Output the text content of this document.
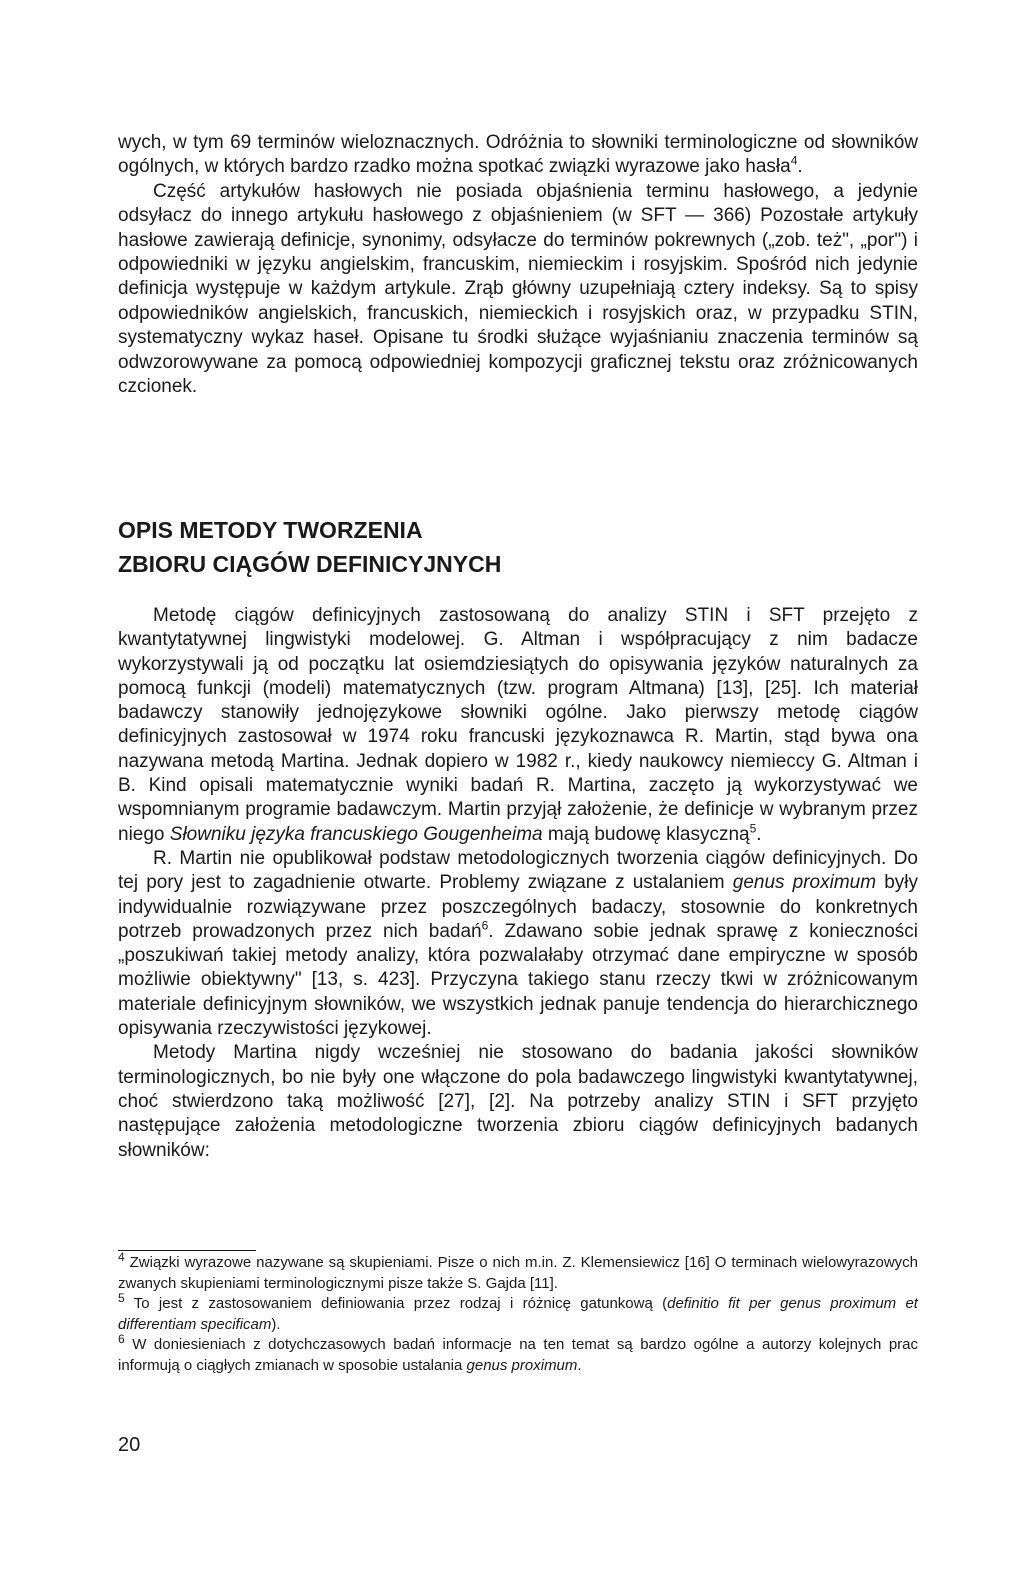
wych, w tym 69 terminów wieloznacznych. Odróżnia to słowniki terminologiczne od słowników ogólnych, w których bardzo rzadko można spotkać związki wyrazowe jako hasła$^4$.

Część artykułów hasłowych nie posiada objaśnienia terminu hasłowego, a jedynie odsyłacz do innego artykułu hasłowego z objaśnieniem (w SFT — 366) Pozostałe artykuły hasłowe zawierają definicje, synonimy, odsyłacze do terminów pokrewnych („zob. też", „por") i odpowiedniki w języku angielskim, francuskim, niemieckim i rosyjskim. Spośród nich jedynie definicja występuje w każdym artykule. Zrąb główny uzupełniają cztery indeksy. Są to spisy odpowiedników angielskich, francuskich, niemieckich i rosyjskich oraz, w przypadku STIN, systematyczny wykaz haseł. Opisane tu środki służące wyjaśnianiu znaczenia terminów są odwzorowywane za pomocą odpowiedniej kompozycji graficznej tekstu oraz zróżnicowanych czcionek.

OPIS METODY TWORZENIA
ZBIORU CIĄGÓW DEFINICYJNYCH

Metodę ciągów definicyjnych zastosowaną do analizy STIN i SFT przejęto z kwantytatywnej lingwistyki modelowej. G. Altman i współpracujący z nim badacze wykorzystywali ją od początku lat osiemdziesiątych do opisywania języków naturalnych za pomocą funkcji (modeli) matematycznych (tzw. program Altmana) [13], [25]. Ich materiał badawczy stanowiły jednojęzykowe słowniki ogólne. Jako pierwszy metodę ciągów definicyjnych zastosował w 1974 roku francuski językoznawca R. Martin, stąd bywa ona nazywana metodą Martina. Jednak dopiero w 1982 r., kiedy naukowcy niemieccy G. Altman i B. Kind opisali matematycznie wyniki badań R. Martina, zaczęto ją wykorzystywać we wspomnianym programie badawczym. Martin przyjął założenie, że definicje w wybranym przez niego Słowniku języka francuskiego Gougenheima mają budowę klasyczną$^5$.

R. Martin nie opublikował podstaw metodologicznych tworzenia ciągów definicyjnych. Do tej pory jest to zagadnienie otwarte. Problemy związane z ustalaniem genus proximum były indywidualnie rozwiązywane przez poszczególnych badaczy, stosownie do konkretnych potrzeb prowadzonych przez nich badań$^6$. Zdawano sobie jednak sprawę z konieczności „poszukiwań takiej metody analizy, która pozwalałaby otrzymać dane empiryczne w sposób możliwie obiektywny" [13, s. 423]. Przyczyna takiego stanu rzeczy tkwi w zróżnicowanym materiale definicyjnym słowników, we wszystkich jednak panuje tendencja do hierarchicznego opisywania rzeczywistości językowej.

Metody Martina nigdy wcześniej nie stosowano do badania jakości słowników terminologicznych, bo nie były one włączone do pola badawczego lingwistyki kwantytatywnej, choć stwierdzono taką możliwość [27], [2]. Na potrzeby analizy STIN i SFT przyjęto następujące założenia metodologiczne tworzenia zbioru ciągów definicyjnych badanych słowników:

$^4$ Związki wyrazowe nazywane są skupieniami. Pisze o nich m.in. Z. Klemensiewicz [16] O terminach wielowyrazowych zwanych skupieniami terminologicznymi pisze także S. Gajda [11].

$^5$ To jest z zastosowaniem definiowania przez rodzaj i różnicę gatunkową (definitio fit per genus proximum et differentiam specificam).

$^6$ W doniesieniach z dotychczasowych badań informacje na ten temat są bardzo ogólne a autorzy kolejnych prac informują o ciągłych zmianach w sposobie ustalania genus proximum.

20
